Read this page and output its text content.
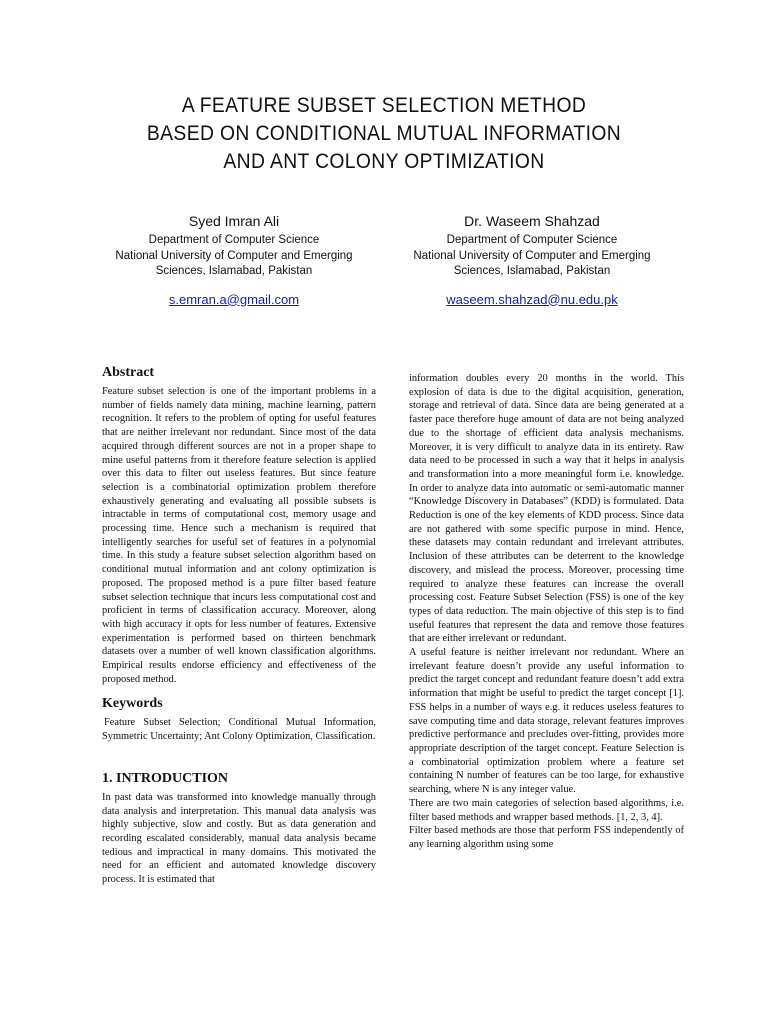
A FEATURE SUBSET SELECTION METHOD
BASED ON CONDITIONAL MUTUAL INFORMATION
AND ANT COLONY OPTIMIZATION
Syed Imran Ali
Department of Computer Science
National University of Computer and Emerging
Sciences, Islamabad, Pakistan
s.emran.a@gmail.com
Dr. Waseem Shahzad
Department of Computer Science
National University of Computer and Emerging
Sciences, Islamabad, Pakistan
waseem.shahzad@nu.edu.pk
Abstract

Feature subset selection is one of the important problems in a number of fields namely data mining, machine learning, pattern recognition. It refers to the problem of opting for useful features that are neither irrelevant nor redundant. Since most of the data acquired through different sources are not in a proper shape to mine useful patterns from it therefore feature selection is applied over this data to filter out useless features. But since feature selection is a combinatorial optimization problem therefore exhaustively generating and evaluating all possible subsets is intractable in terms of computational cost, memory usage and processing time. Hence such a mechanism is required that intelligently searches for useful set of features in a polynomial time. In this study a feature subset selection algorithm based on conditional mutual information and ant colony optimization is proposed. The proposed method is a pure filter based feature subset selection technique that incurs less computational cost and proficient in terms of classification accuracy. Moreover, along with high accuracy it opts for less number of features. Extensive experimentation is performed based on thirteen benchmark datasets over a number of well known classification algorithms. Empirical results endorse efficiency and effectiveness of the proposed method.

Keywords

Feature Subset Selection; Conditional Mutual Information, Symmetric Uncertainty; Ant Colony Optimization, Classification.

1. INTRODUCTION

In past data was transformed into knowledge manually through data analysis and interpretation. This manual data analysis was highly subjective, slow and costly. But as data generation and recording escalated considerably, manual data analysis became tedious and impractical in many domains. This motivated the need for an efficient and automated knowledge discovery process. It is estimated that

information doubles every 20 months in the world. This explosion of data is due to the digital acquisition, generation, storage and retrieval of data. Since data are being generated at a faster pace therefore huge amount of data are not being analyzed due to the shortage of efficient data analysis mechanisms. Moreover, it is very difficult to analyze data in its entirety. Raw data need to be processed in such a way that it helps in analysis and transformation into a more meaningful form i.e. knowledge. In order to analyze data into automatic or semi-automatic manner “Knowledge Discovery in Databases” (KDD) is formulated. Data Reduction is one of the key elements of KDD process. Since data are not gathered with some specific purpose in mind. Hence, these datasets may contain redundant and irrelevant attributes. Inclusion of these attributes can be deterrent to the knowledge discovery, and mislead the process. Moreover, processing time required to analyze these features can increase the overall processing cost. Feature Subset Selection (FSS) is one of the key types of data reduction. The main objective of this step is to find useful features that represent the data and remove those features that are either irrelevant or redundant.

A useful feature is neither irrelevant nor redundant. Where an irrelevant feature doesn’t provide any useful information to predict the target concept and redundant feature doesn’t add extra information that might be useful to predict the target concept [1]. FSS helps in a number of ways e.g. it reduces useless features to save computing time and data storage, relevant features improves predictive performance and precludes over-fitting, provides more appropriate description of the target concept. Feature Selection is a combinatorial optimization problem where a feature set containing N number of features can be too large, for exhaustive searching, where N is any integer value.

There are two main categories of selection based algorithms, i.e. filter based methods and wrapper based methods. [1, 2, 3, 4].

Filter based methods are those that perform FSS independently of any learning algorithm using some
